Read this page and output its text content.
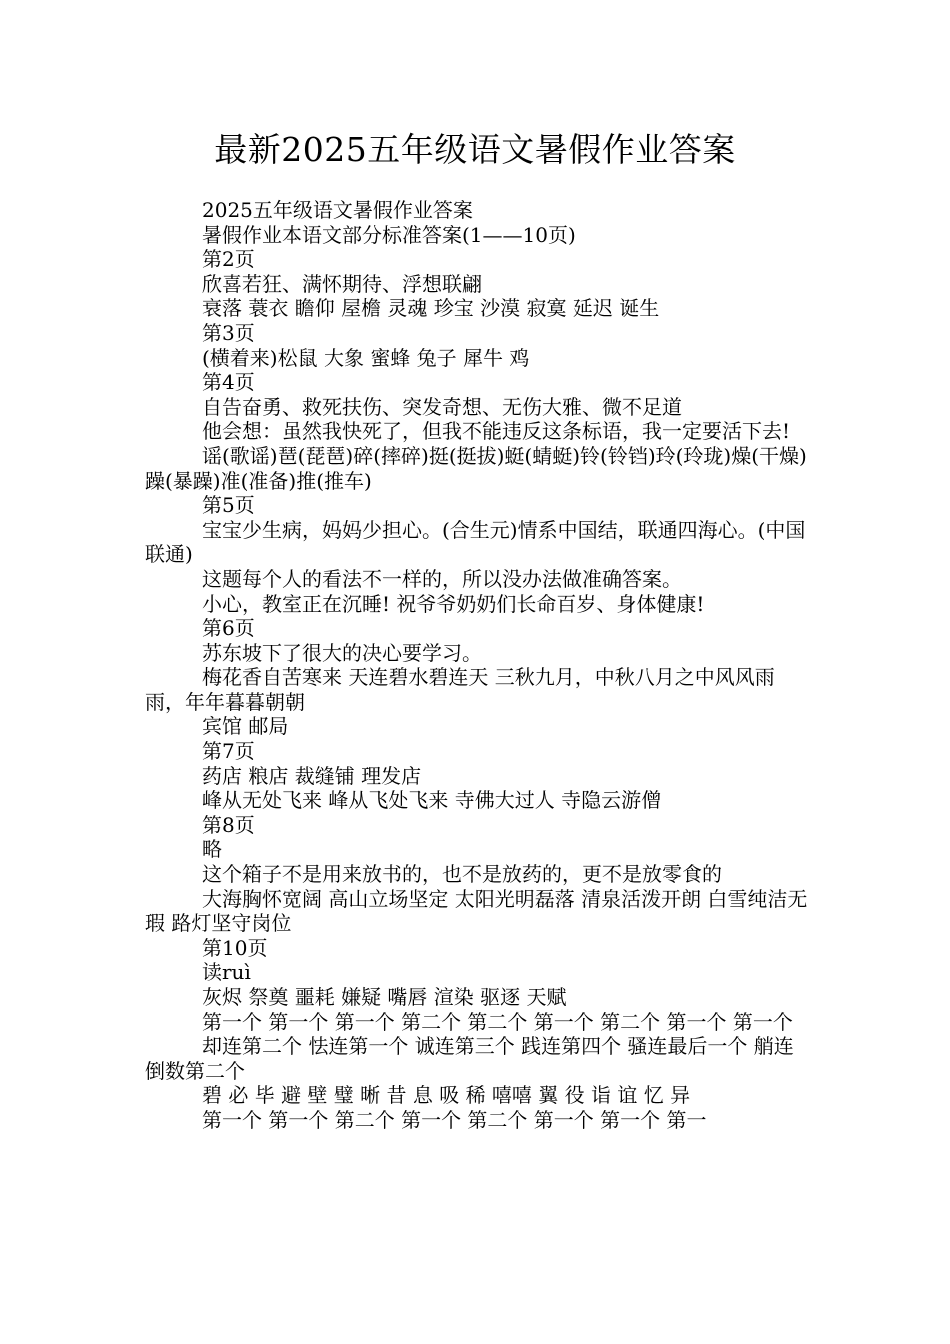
最新2025五年级语文暑假作业答案

2025五年级语文暑假作业答案

暑假作业本语文部分标准答案(1——10页)

第2页

欣喜若狂、满怀期待、浮想联翩

衰落 蓑衣 瞻仰 屋檐 灵魂 珍宝 沙漠 寂寞 延迟 诞生

第3页

(横着来)松鼠 大象 蜜蜂 兔子 犀牛 鸡

第4页

自告奋勇、救死扶伤、突发奇想、无伤大雅、微不足道

他会想：虽然我快死了，但我不能违反这条标语，我一定要活下去!

谣(歌谣)琶(琵琶)碎(摔碎)挺(挺拔)蜓(蜻蜓)铃(铃铛)玲(玲珑)燥(干燥)躁(暴躁)准(准备)推(推车)

第5页

宝宝少生病，妈妈少担心。(合生元)情系中国结，联通四海心。(中国联通)

这题每个人的看法不一样的，所以没办法做准确答案。

小心，教室正在沉睡! 祝爷爷奶奶们长命百岁、身体健康!

第6页

苏东坡下了很大的决心要学习。

梅花香自苦寒来 天连碧水碧连天 三秋九月，中秋八月之中风风雨雨，年年暮暮朝朝

宾馆 邮局

第7页

药店 粮店 裁缝铺 理发店

峰从无处飞来 峰从飞处飞来 寺佛大过人 寺隐云游僧

第8页

略

这个箱子不是用来放书的，也不是放药的，更不是放零食的

大海胸怀宽阔 高山立场坚定 太阳光明磊落 清泉活泼开朗 白雪纯洁无瑕 路灯坚守岗位

第10页

读ruì

灰烬 祭奠 噩耗 嫌疑 嘴唇 渲染 驱逐 天赋

第一个 第一个 第一个 第二个 第二个 第一个 第二个 第一个 第一个

却连第二个 怯连第一个 诚连第三个 践连第四个 骚连最后一个 艄连倒数第二个

碧 必 毕 避 壁 璧 晰 昔 息 吸 稀 嘻嘻 翼 役 诣 谊 忆 异

第一个 第一个 第二个 第一个 第二个 第一个 第一个 第一
